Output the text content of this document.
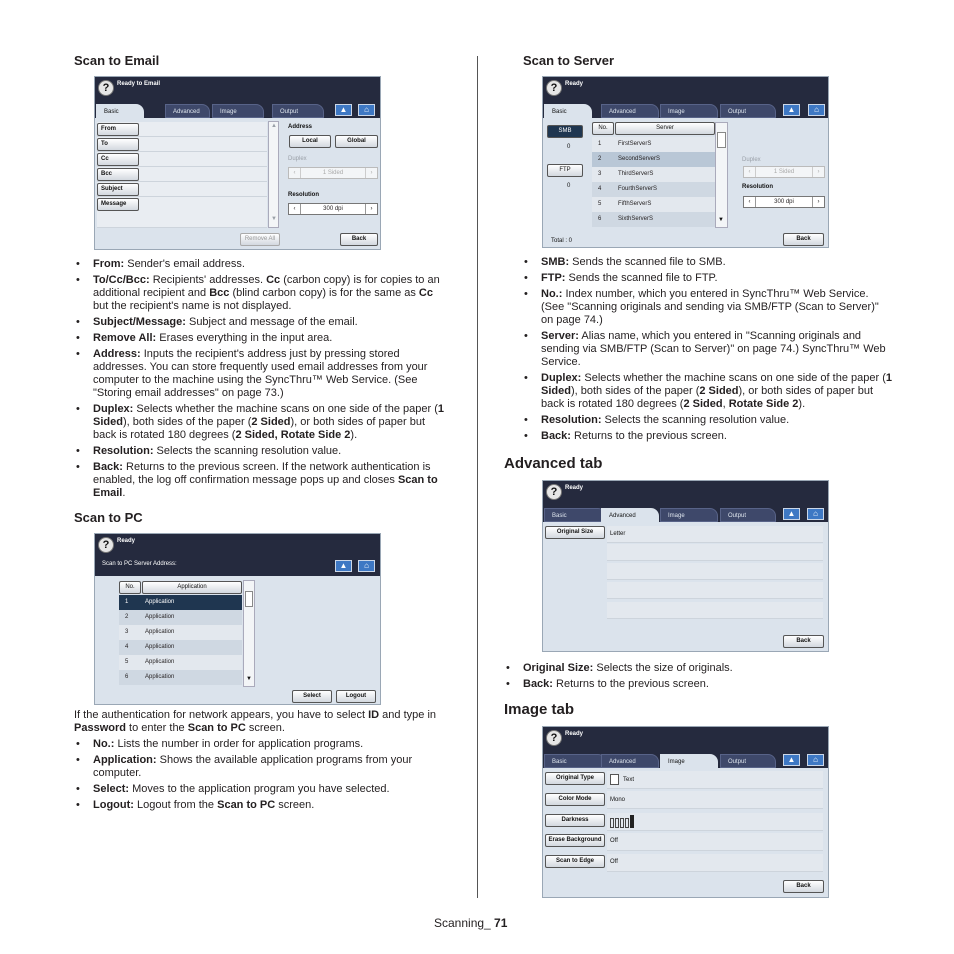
Scan to Email
?	Ready to Email
Basic	Advanced	Image	Output	▲	⌂
From
To
Cc
Bcc
Subject
Message
▲
▼
Address
Local	Global
Duplex
‹	1 Sided	›
Resolution
‹	300 dpi	›
Remove All	Back
• From: Sender's email address.
• To/Cc/Bcc: Recipients' addresses. Cc (carbon copy) is for copies to an additional recipient and Bcc (blind carbon copy) is for the same as Cc but the recipient's name is not displayed.
• Subject/Message: Subject and message of the email.
• Remove All: Erases everything in the input area.
• Address: Inputs the recipient's address just by pressing stored addresses. You can store frequently used email addresses from your computer to the machine using the SyncThru™ Web Service. (See "Storing email addresses" on page 73.)
• Duplex: Selects whether the machine scans on one side of the paper (1 Sided), both sides of the paper (2 Sided), or both sides of paper but back is rotated 180 degrees (2 Sided, Rotate Side 2).
• Resolution: Selects the scanning resolution value.
• Back: Returns to the previous screen. If the network authentication is enabled, the log off confirmation message pops up and closes Scan to Email.
Scan to PC
?	Ready
Scan to PC Server Address:	▲	⌂
No.	Application
1	Application
2	Application
3	Application
4	Application
5	Application
6	Application	▼
Select	Logout

If the authentication for network appears, you have to select ID and type in Password to enter the Scan to PC screen.

• No.: Lists the number in order for application programs.
• Application: Shows the available application programs from your computer.
• Select: Moves to the application program you have selected.
• Logout: Logout from the Scan to PC screen.
Scan to Server
?	Ready
Basic	Advanced	Image	Output	▲	⌂
SMB
0
FTP
0
No.	Server
1	FirstServerS
2	SecondServerS
3	ThirdServerS
4	FourthServerS
5	FifthServerS
6	SixthServerS	▼
Duplex
‹	1 Sided	›
Resolution
‹	300 dpi	›
Total : 0	Back
• SMB: Sends the scanned file to SMB.
• FTP: Sends the scanned file to FTP.
• No.: Index number, which you entered in SyncThru™ Web Service. (See "Scanning originals and sending via SMB/FTP (Scan to Server)" on page 74.)
• Server: Alias name, which you entered in "Scanning originals and sending via SMB/FTP (Scan to Server)" on page 74.) SyncThru™ Web Service.
• Duplex: Selects whether the machine scans on one side of the paper (1 Sided), both sides of the paper (2 Sided), or both sides of paper but back is rotated 180 degrees (2 Sided, Rotate Side 2).
• Resolution: Selects the scanning resolution value.
• Back: Returns to the previous screen.
Advanced tab
?	Ready
Basic	Advanced	Image	Output	▲	⌂
Original Size	Letter
Back
• Original Size: Selects the size of originals.
• Back: Returns to the previous screen.
Image tab
?	Ready
Basic	Advanced	Image	Output	▲	⌂
Original Type	Text
Color Mode	Mono
Darkness
Erase Background	Off
Scan to Edge	Off
Back
Scanning_ 71
